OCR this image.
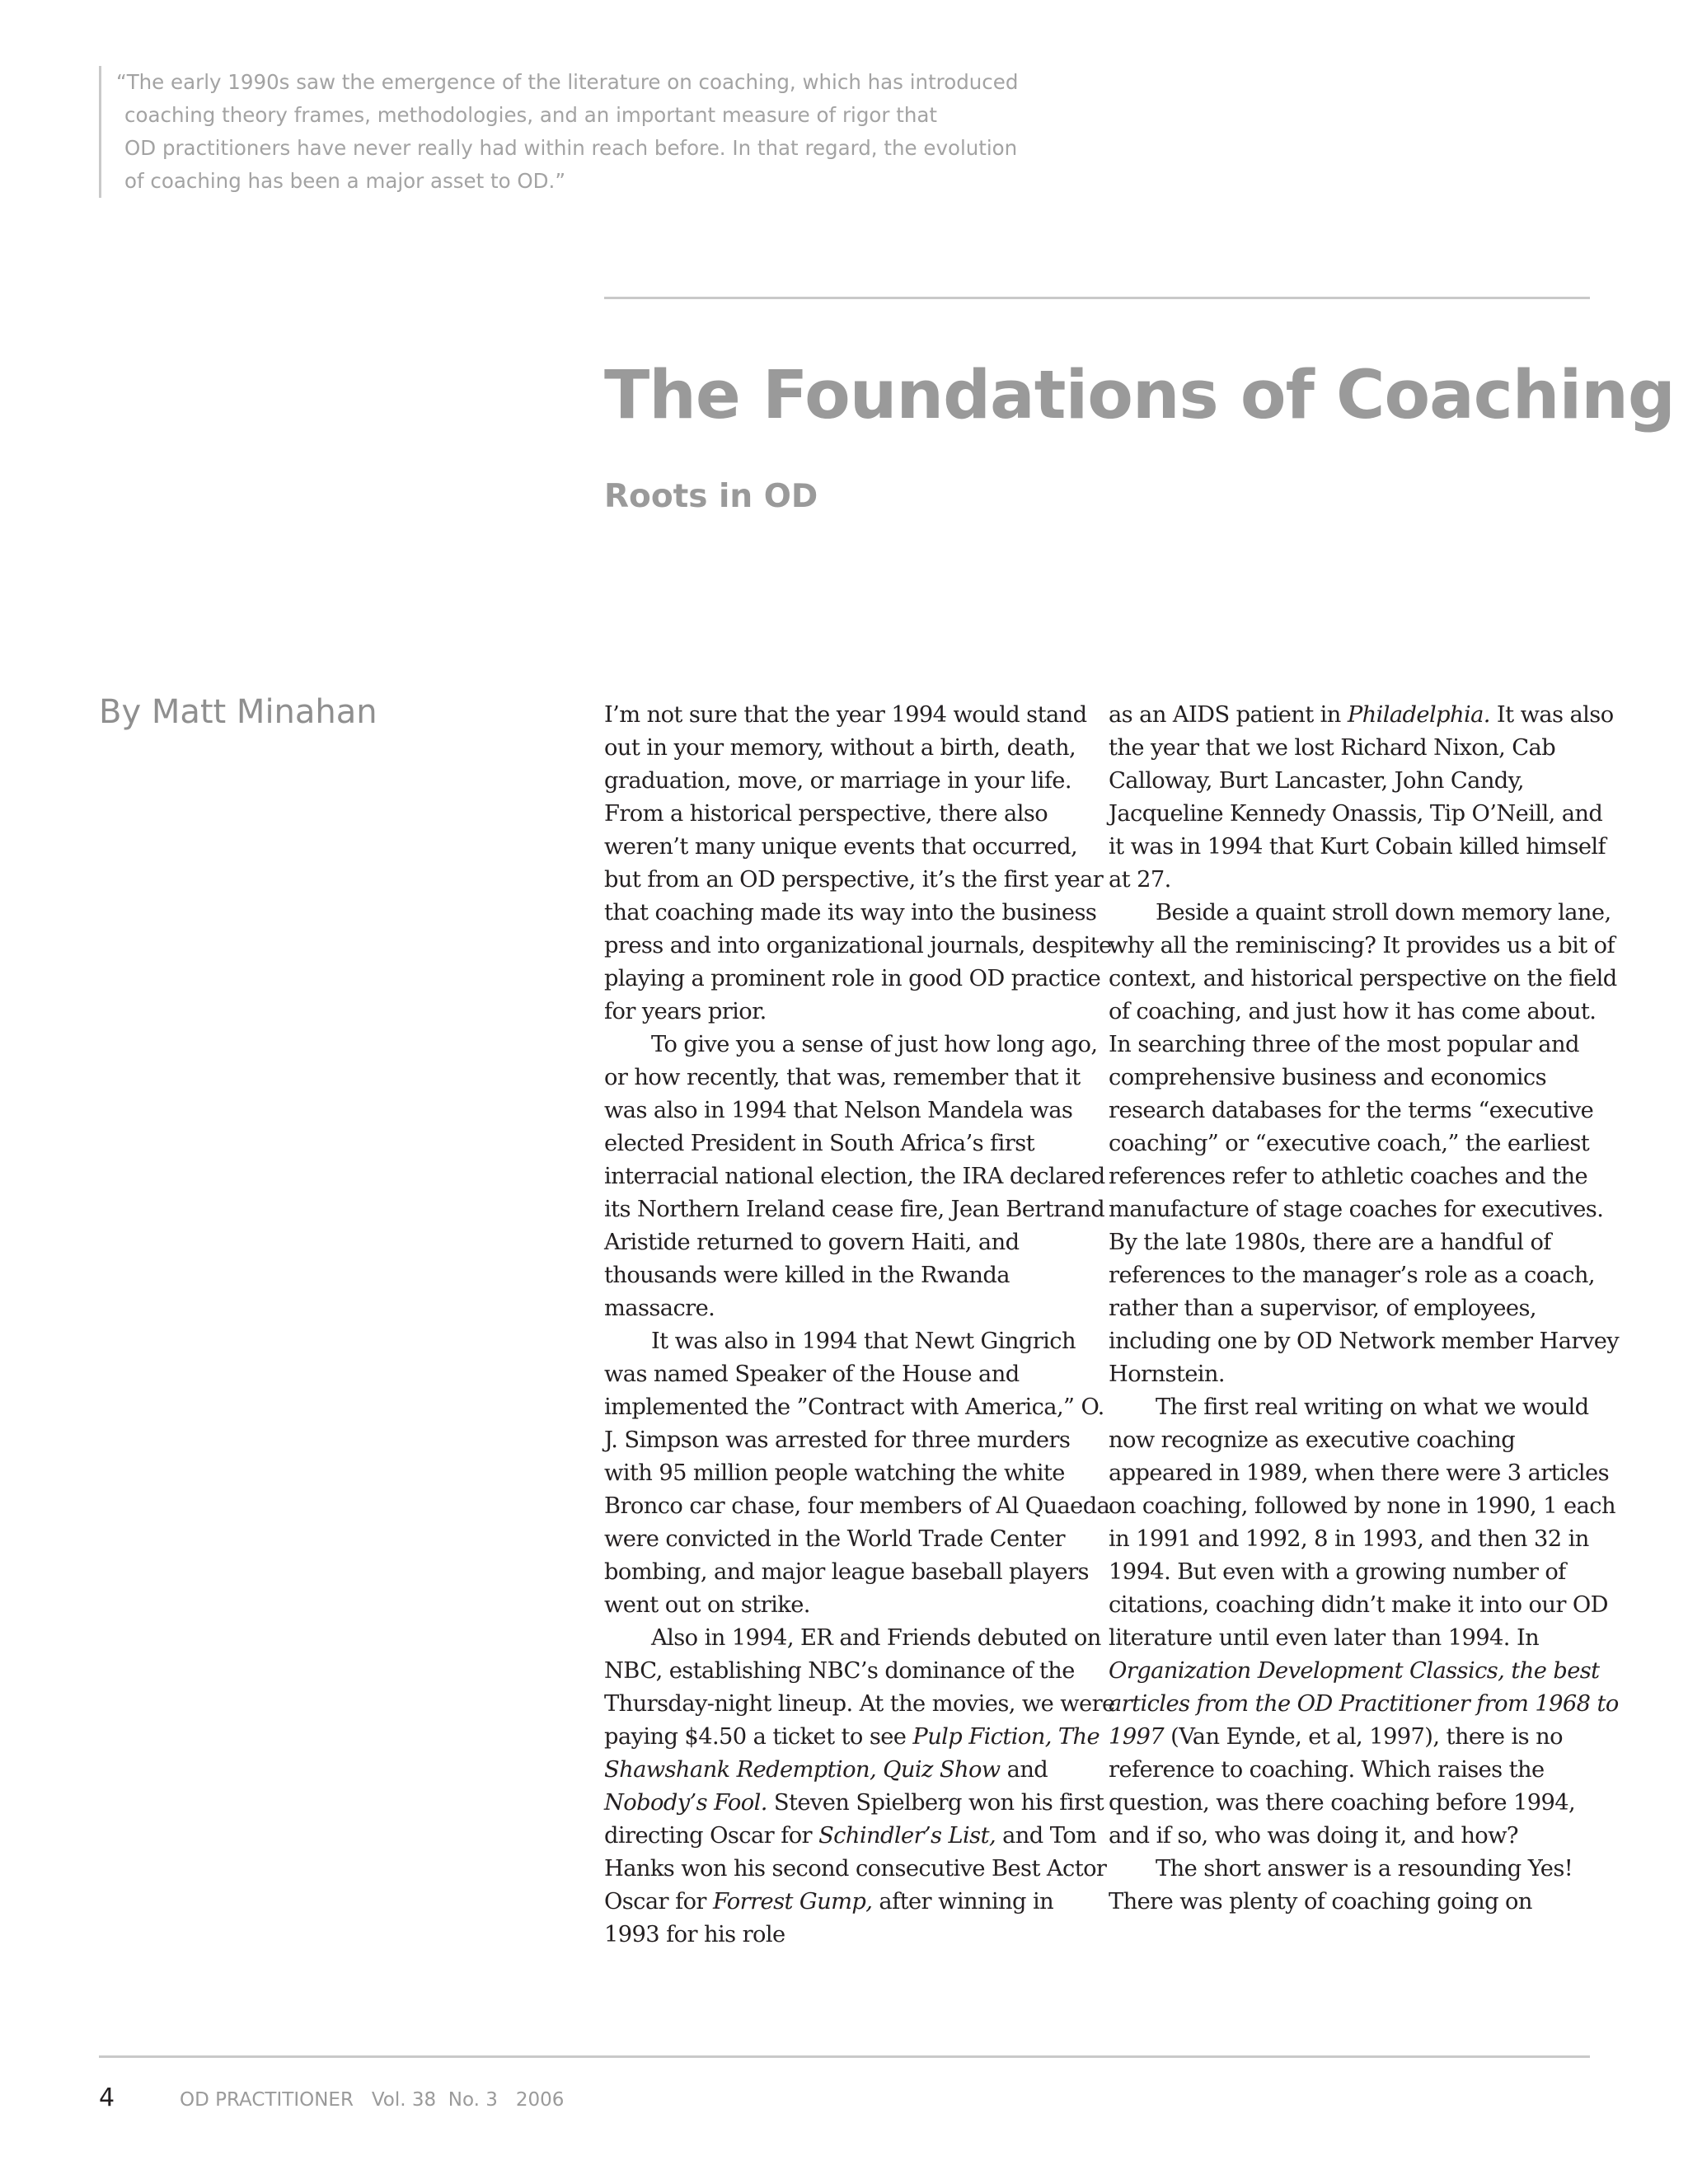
“The early 1990s saw the emergence of the literature on coaching, which has introduced
coaching theory frames, methodologies, and an important measure of rigor that
OD practitioners have never really had within reach before. In that regard, the evolution
of coaching has been a major asset to OD.”
The Foundations of Coaching
Roots in OD
By Matt Minahan	I’m not sure that the year 1994 would stand out in your memory, without a birth, death, graduation, move, or marriage in your life. From a historical perspective, there also weren’t many unique events that occurred, but from an OD perspective, it’s the first year that coaching made its way into the business press and into organizational journals, despite playing a prominent role in good OD practice for years prior.

To give you a sense of just how long ago, or how recently, that was, remember that it was also in 1994 that Nelson Mandela was elected President in South Africa’s first interracial national election, the IRA declared its Northern Ireland cease fire, Jean Bertrand Aristide returned to govern Haiti, and thousands were killed in the Rwanda massacre.

It was also in 1994 that Newt Gingrich was named Speaker of the House and implemented the ”Contract with America,” O. J. Simpson was arrested for three murders with 95 million people watching the white Bronco car chase, four members of Al Quaeda were convicted in the World Trade Center bombing, and major league baseball players went out on strike.

Also in 1994, ER and Friends debuted on NBC, establishing NBC’s dominance of the Thursday-night lineup. At the movies, we were paying $4.50 a ticket to see Pulp Fiction, The Shawshank Redemption, Quiz Show and Nobody’s Fool. Steven Spielberg won his first directing Oscar for Schindler’s List, and Tom Hanks won his second consecutive Best Actor Oscar for Forrest Gump, after winning in 1993 for his role

as an AIDS patient in Philadelphia. It was also the year that we lost Richard Nixon, Cab Calloway, Burt Lancaster, John Candy, Jacqueline Kennedy Onassis, Tip O’Neill, and it was in 1994 that Kurt Cobain killed himself at 27.

Beside a quaint stroll down memory lane, why all the reminiscing? It provides us a bit of context, and historical perspective on the field of coaching, and just how it has come about. In searching three of the most popular and comprehensive business and economics research databases for the terms “executive coaching” or “executive coach,” the earliest references refer to athletic coaches and the manufacture of stage coaches for executives. By the late 1980s, there are a handful of references to the manager’s role as a coach, rather than a supervisor, of employees, including one by OD Network member Harvey Hornstein.

The first real writing on what we would now recognize as executive coaching appeared in 1989, when there were 3 articles on coaching, followed by none in 1990, 1 each in 1991 and 1992, 8 in 1993, and then 32 in 1994. But even with a growing number of citations, coaching didn’t make it into our OD literature until even later than 1994. In Organization Development Classics, the best articles from the OD Practitioner from 1968 to 1997 (Van Eynde, et al, 1997), there is no reference to coaching. Which raises the question, was there coaching before 1994, and if so, who was doing it, and how?

The short answer is a resounding Yes! There was plenty of coaching going on

4	OD PRACTITIONER   Vol. 38  No. 3   2006
